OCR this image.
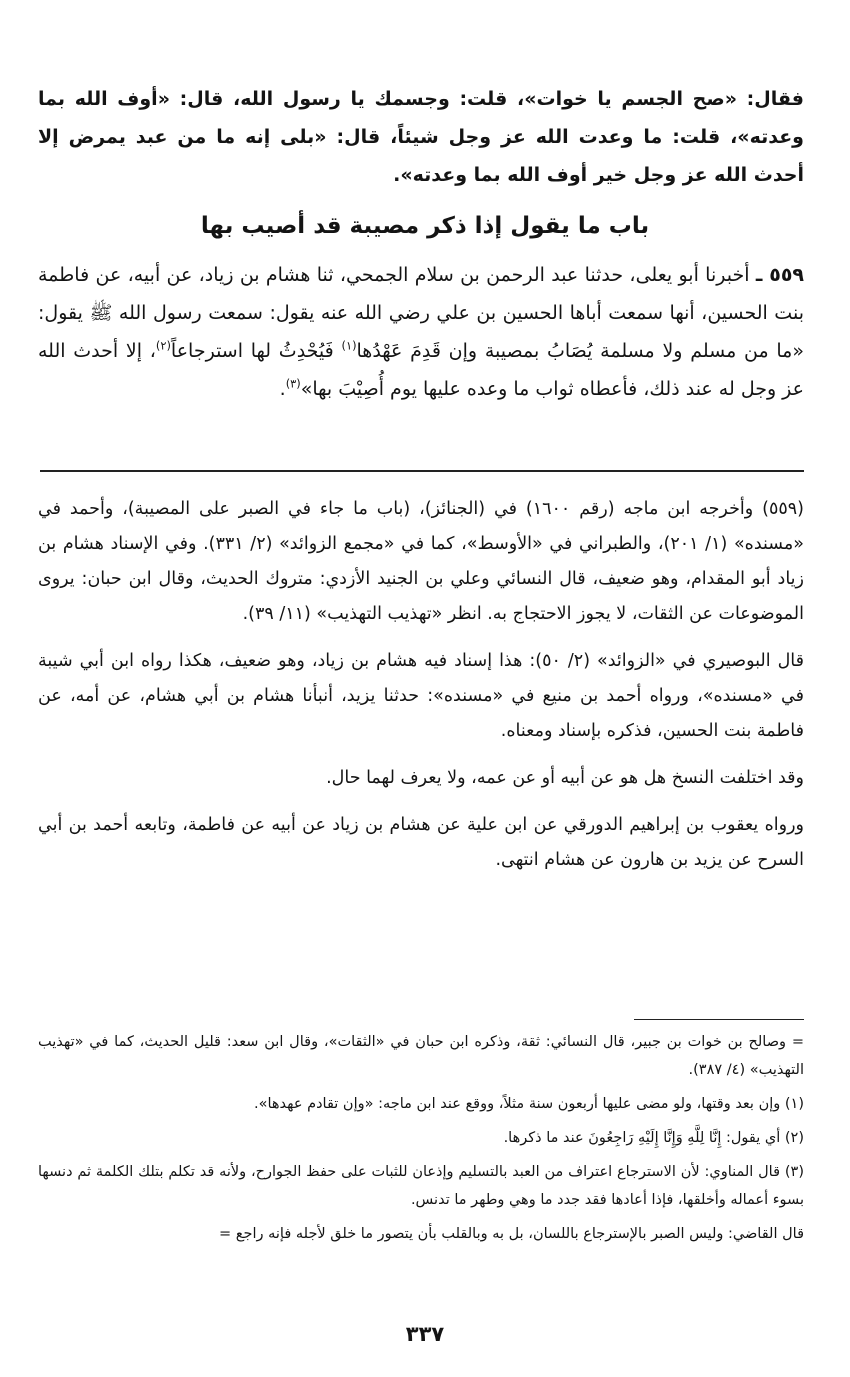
فقال: «صح الجسم يا خوات»، قلت: وجسمك يا رسول الله، قال: «أوف الله بما وعدته»، قلت: ما وعدت الله عز وجل شيئاً، قال: «بلى إنه ما من عبد يمرض إلا أحدث الله عز وجل خير أوف الله بما وعدته».

باب ما يقول إذا ذكر مصيبة قد أصيب بها

٥٥٩ ـ أخبرنا أبو يعلى، حدثنا عبد الرحمن بن سلام الجمحي، ثنا هشام بن زياد، عن أبيه، عن فاطمة بنت الحسين، أنها سمعت أباها الحسين بن علي رضي الله عنه يقول: سمعت رسول الله ﷺ يقول: «ما من مسلم ولا مسلمة يُصَابُ بمصيبة وإن قَدِمَ عَهْدُها$^{(١)}$ فَيُحْدِثُ لها استرجاعاً$^{(٢)}$، إلا أحدث الله عز وجل له عند ذلك، فأعطاه ثواب ما وعده عليها يوم أُصِيْبَ بها»$^{(٣)}$.

(٥٥٩) وأخرجه ابن ماجه (رقم ١٦٠٠) في (الجنائز)، (باب ما جاء في الصبر على المصيبة)، وأحمد في «مسنده» (١/ ٢٠١)، والطبراني في «الأوسط»، كما في «مجمع الزوائد» (٢/ ٣٣١). وفي الإسناد هشام بن زياد أبو المقدام، وهو ضعيف، قال النسائي وعلي بن الجنيد الأزدي: متروك الحديث، وقال ابن حبان: يروى الموضوعات عن الثقات، لا يجوز الاحتجاج به. انظر «تهذيب التهذيب» (١١/ ٣٩).

قال البوصيري في «الزوائد» (٢/ ٥٠): هذا إسناد فيه هشام بن زياد، وهو ضعيف، هكذا رواه ابن أبي شيبة في «مسنده»، ورواه أحمد بن منيع في «مسنده»: حدثنا يزيد، أنبأنا هشام بن أبي هشام، عن أمه، عن فاطمة بنت الحسين، فذكره بإسناد ومعناه.

وقد اختلفت النسخ هل هو عن أبيه أو عن عمه، ولا يعرف لهما حال.

ورواه يعقوب بن إبراهيم الدورقي عن ابن علية عن هشام بن زياد عن أبيه عن فاطمة، وتابعه أحمد بن أبي السرح عن يزيد بن هارون عن هشام انتهى.

= وصالح بن خوات بن جبير، قال النسائي: ثقة، وذكره ابن حبان في «الثقات»، وقال ابن سعد: قليل الحديث، كما في «تهذيب التهذيب» (٤/ ٣٨٧).

(١) وإن بعد وقتها، ولو مضى عليها أربعون سنة مثلاً، ووقع عند ابن ماجه: «وإن تقادم عهدها».

(٢) أي يقول: إِنَّا لِلَّهِ وَإِنَّا إِلَيْهِ رَاجِعُونَ عند ما ذكرها.

(٣) قال المناوي: لأن الاسترجاع اعتراف من العبد بالتسليم وإذعان للثبات على حفظ الجوارح، ولأنه قد تكلم بتلك الكلمة ثم دنسها بسوء أعماله وأخلقها، فإذا أعادها فقد جدد ما وهي وطهر ما تدنس.

قال القاضي: وليس الصبر بالإسترجاع باللسان، بل به وبالقلب بأن يتصور ما خلق لأجله فإنه راجع =

٣٣٧
